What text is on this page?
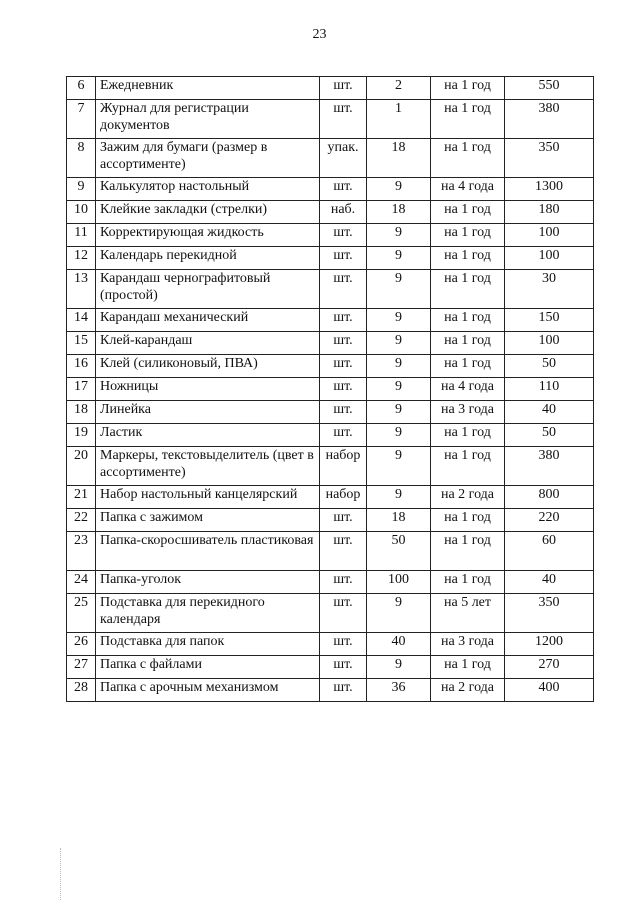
23
6	Ежедневник	шт.	2	на 1 год	550
7	Журнал для регистрации документов	шт.	1	на 1 год	380
8	Зажим для бумаги (размер в ассортименте)	упак.	18	на 1 год	350
9	Калькулятор настольный	шт.	9	на 4 года	1300
10	Клейкие закладки (стрелки)	наб.	18	на 1 год	180
11	Корректирующая жидкость	шт.	9	на 1 год	100
12	Календарь перекидной	шт.	9	на 1 год	100
13	Карандаш чернографитовый (простой)	шт.	9	на 1 год	30
14	Карандаш механический	шт.	9	на 1 год	150
15	Клей-карандаш	шт.	9	на 1 год	100
16	Клей (силиконовый, ПВА)	шт.	9	на 1 год	50
17	Ножницы	шт.	9	на 4 года	110
18	Линейка	шт.	9	на 3 года	40
19	Ластик	шт.	9	на 1 год	50
20	Маркеры, текстовыделитель (цвет в ассортименте)	набор	9	на 1 год	380
21	Набор настольный канцелярский	набор	9	на 2 года	800
22	Папка с зажимом	шт.	18	на 1 год	220
23	Папка-скоросшиватель пластиковая	шт.	50	на 1 год	60
24	Папка-уголок	шт.	100	на 1 год	40
25	Подставка для перекидного календаря	шт.	9	на 5 лет	350
26	Подставка для папок	шт.	40	на 3 года	1200
27	Папка с файлами	шт.	9	на 1 год	270
28	Папка с арочным механизмом	шт.	36	на 2 года	400
